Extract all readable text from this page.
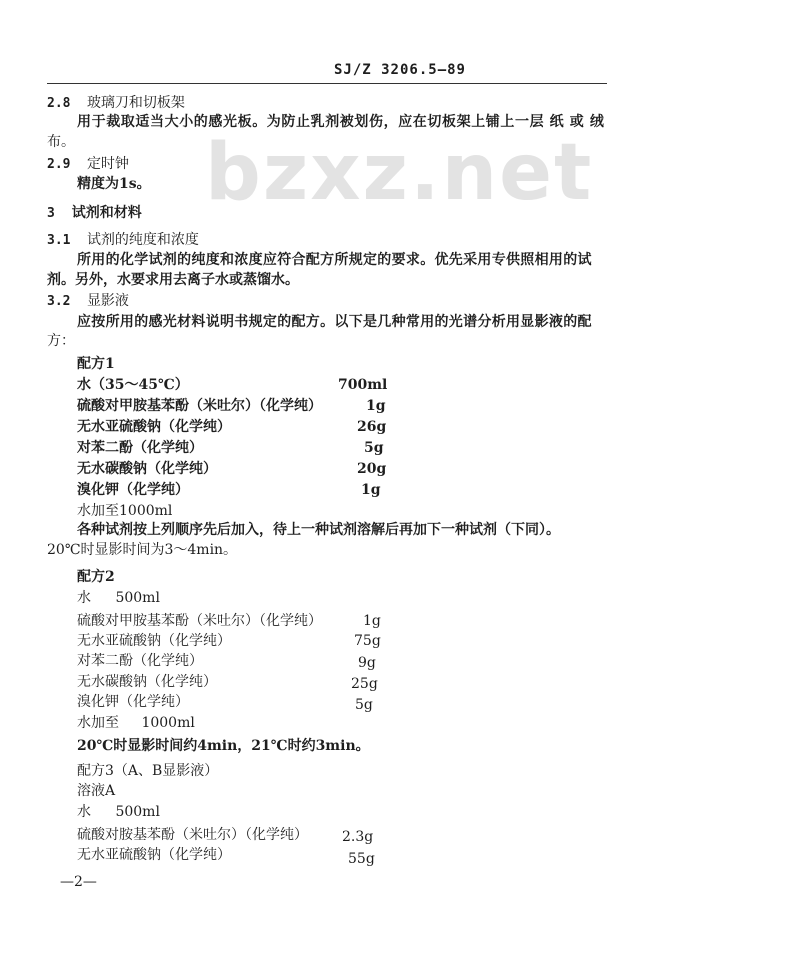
bzxz.net
SJ/Z 3206.5—89
2.8 玻璃刀和切板架
用于裁取适当大小的感光板。为防止乳剂被划伤，应在切板架上铺上一层 纸 或 绒
布。
2.9 定时钟
精度为1s。
3 试剂和材料
3.1 试剂的纯度和浓度
所用的化学试剂的纯度和浓度应符合配方所规定的要求。优先采用专供照相用的试
剂。另外，水要求用去离子水或蒸馏水。
3.2 显影液
应按所用的感光材料说明书规定的配方。以下是几种常用的光谱分析用显影液的配
方：
配方1
水（35～45℃）	700ml
硫酸对甲胺基苯酚（米吐尔）（化学纯）	1g
无水亚硫酸钠（化学纯）	26g
对苯二酚（化学纯）	5g
无水碳酸钠（化学纯）	20g
溴化钾（化学纯）	1g
水加至1000ml
各种试剂按上列顺序先后加入，待上一种试剂溶解后再加下一种试剂（下同）。
20℃时显影时间为3～4min。
配方2
水 500ml
硫酸对甲胺基苯酚（米吐尔）（化学纯）	1g
无水亚硫酸钠（化学纯）	75g
对苯二酚（化学纯）	9g
无水碳酸钠（化学纯）	25g
溴化钾（化学纯）	5g
水加至 1000ml
20℃时显影时间约4min，21℃时约3min。
配方3（A、B显影液）
溶液A
水 500ml
硫酸对胺基苯酚（米吐尔）（化学纯） 2.3g
无水亚硫酸钠（化学纯）	55g
—2—
